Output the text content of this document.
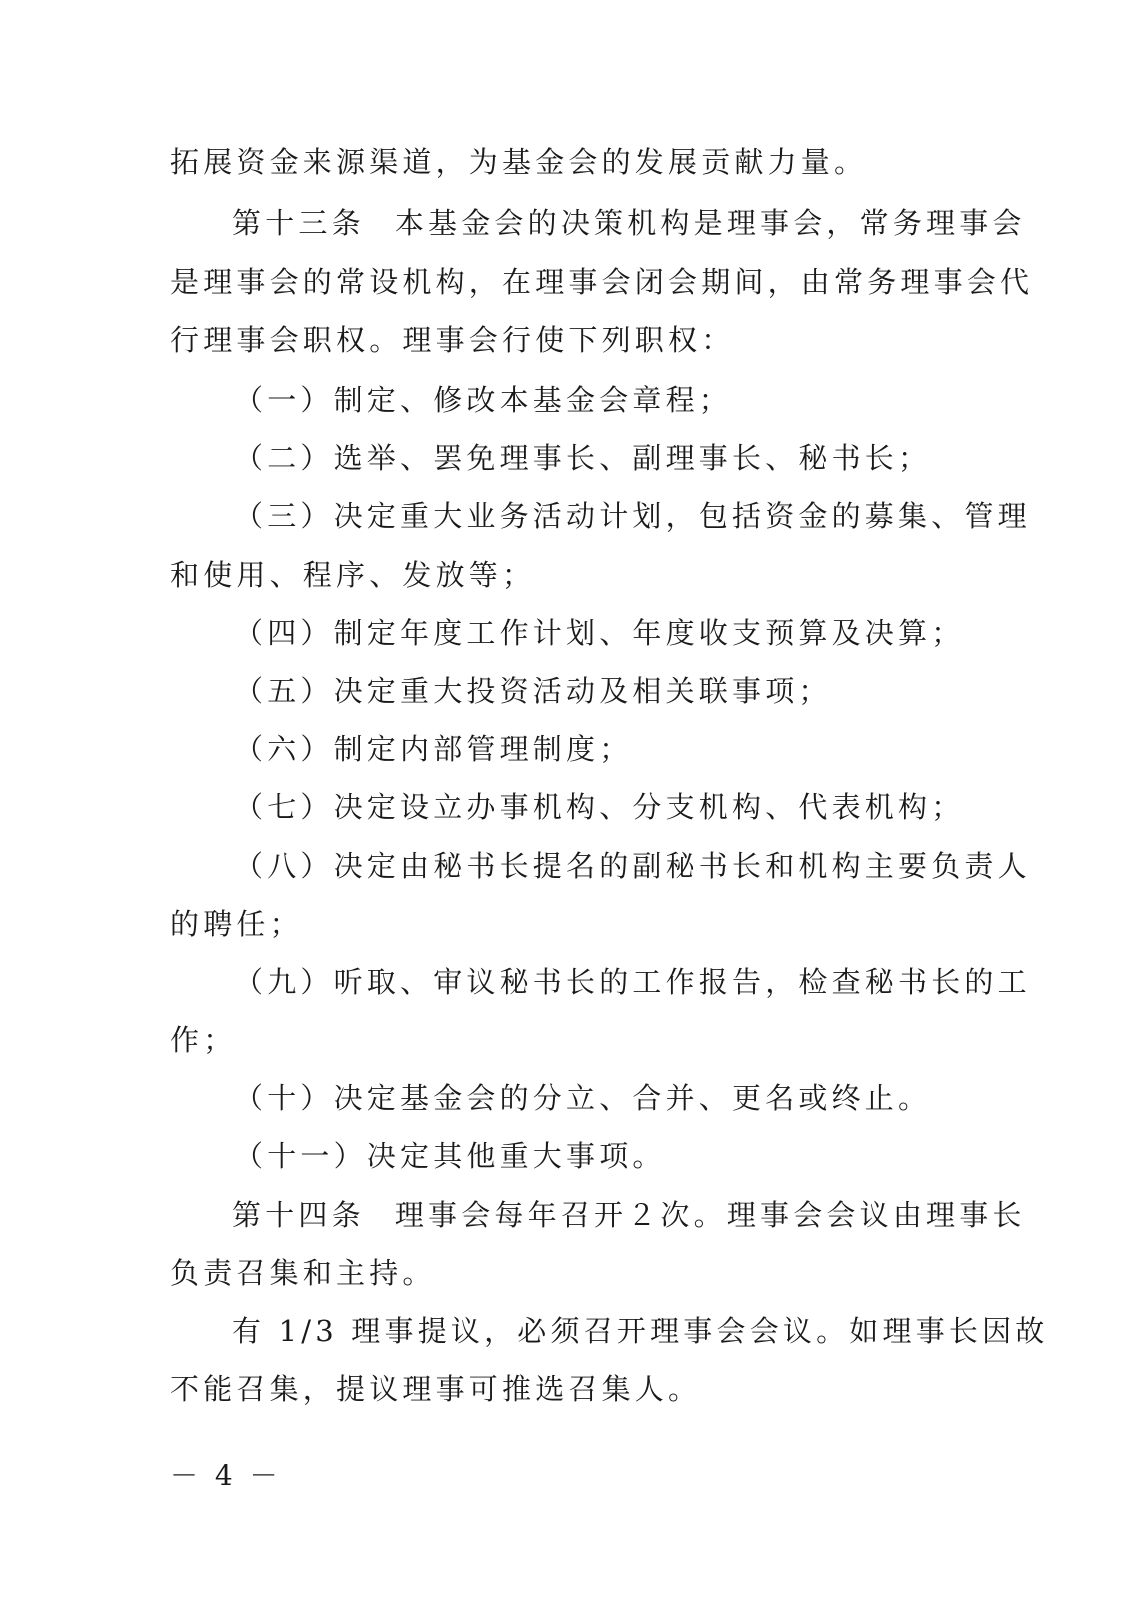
拓展资金来源渠道，为基金会的发展贡献力量。
第十三条 本基金会的决策机构是理事会，常务理事会
是理事会的常设机构，在理事会闭会期间，由常务理事会代
行理事会职权。理事会行使下列职权：
（一）制定、修改本基金会章程；
（二）选举、罢免理事长、副理事长、秘书长；
（三）决定重大业务活动计划，包括资金的募集、管理
和使用、程序、发放等；
（四）制定年度工作计划、年度收支预算及决算；
（五）决定重大投资活动及相关联事项；
（六）制定内部管理制度；
（七）决定设立办事机构、分支机构、代表机构；
（八）决定由秘书长提名的副秘书长和机构主要负责人
的聘任；
（九）听取、审议秘书长的工作报告，检查秘书长的工
作；
（十）决定基金会的分立、合并、更名或终止。
（十一）决定其他重大事项。
第十四条 理事会每年召开２次。理事会会议由理事长
负责召集和主持。
有 1/3 理事提议，必须召开理事会会议。如理事长因故
不能召集，提议理事可推选召集人。
－ 4 －
